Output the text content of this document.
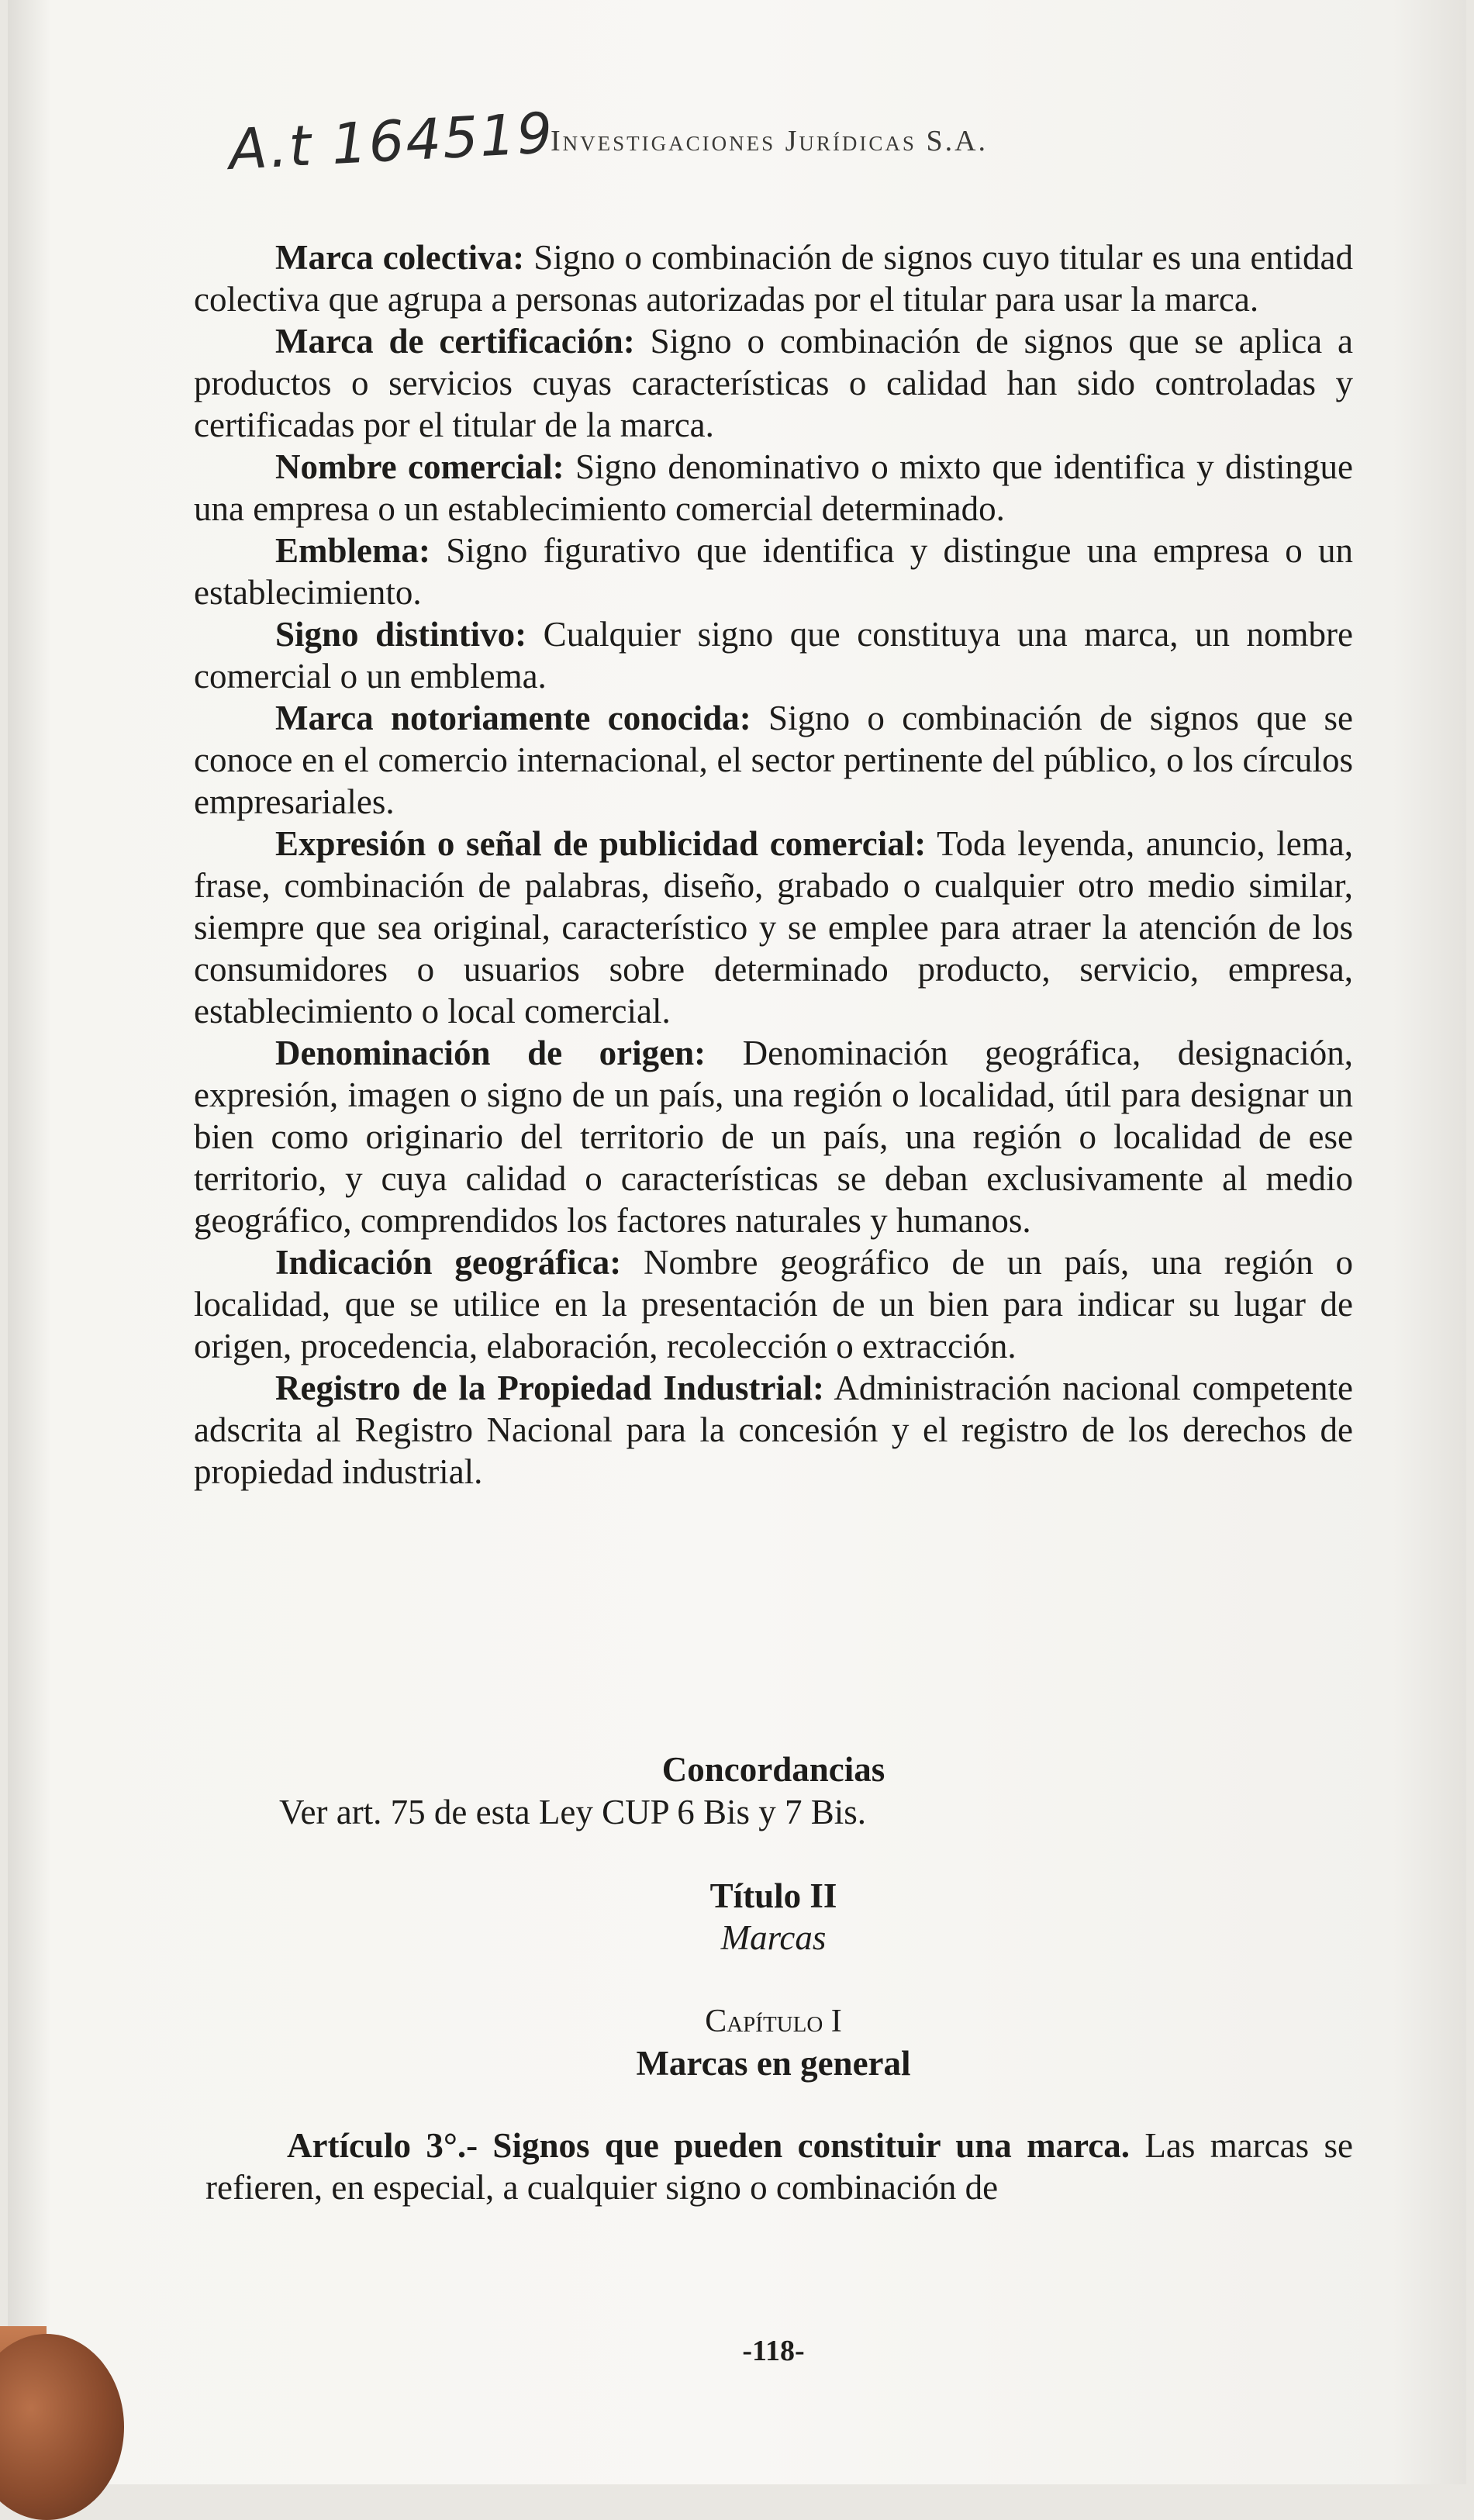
A.t 164519
Investigaciones Jurídicas S.A.

Marca colectiva: Signo o combinación de signos cuyo titular es una entidad colectiva que agrupa a personas autorizadas por el titular para usar la marca.

Marca de certificación: Signo o combinación de signos que se aplica a productos o servicios cuyas características o calidad han sido controladas y certificadas por el titular de la marca.

Nombre comercial: Signo denominativo o mixto que identifica y distingue una empresa o un establecimiento comercial determinado.

Emblema: Signo figurativo que identifica y distingue una empresa o un establecimiento.

Signo distintivo: Cualquier signo que constituya una marca, un nombre comercial o un emblema.

Marca notoriamente conocida: Signo o combinación de signos que se conoce en el comercio internacional, el sector pertinente del público, o los círculos empresariales.

Expresión o señal de publicidad comercial: Toda leyenda, anuncio, lema, frase, combinación de palabras, diseño, grabado o cualquier otro medio similar, siempre que sea original, característico y se emplee para atraer la atención de los consumidores o usuarios sobre determinado producto, servicio, empresa, establecimiento o local comercial.

Denominación de origen: Denominación geográfica, designación, expresión, imagen o signo de un país, una región o localidad, útil para designar un bien como originario del territorio de un país, una región o localidad de ese territorio, y cuya calidad o características se deban exclusivamente al medio geográfico, comprendidos los factores naturales y humanos.

Indicación geográfica: Nombre geográfico de un país, una región o localidad, que se utilice en la presentación de un bien para indicar su lugar de origen, procedencia, elaboración, recolección o extracción.

Registro de la Propiedad Industrial: Administración nacional competente adscrita al Registro Nacional para la concesión y el registro de los derechos de propiedad industrial.

Concordancias
Ver art. 75 de esta Ley CUP 6 Bis y 7 Bis.
Título II
Marcas
Capítulo I
Marcas en general

Artículo 3°.- Signos que pueden constituir una marca. Las marcas se refieren, en especial, a cualquier signo o combinación de

-118-
